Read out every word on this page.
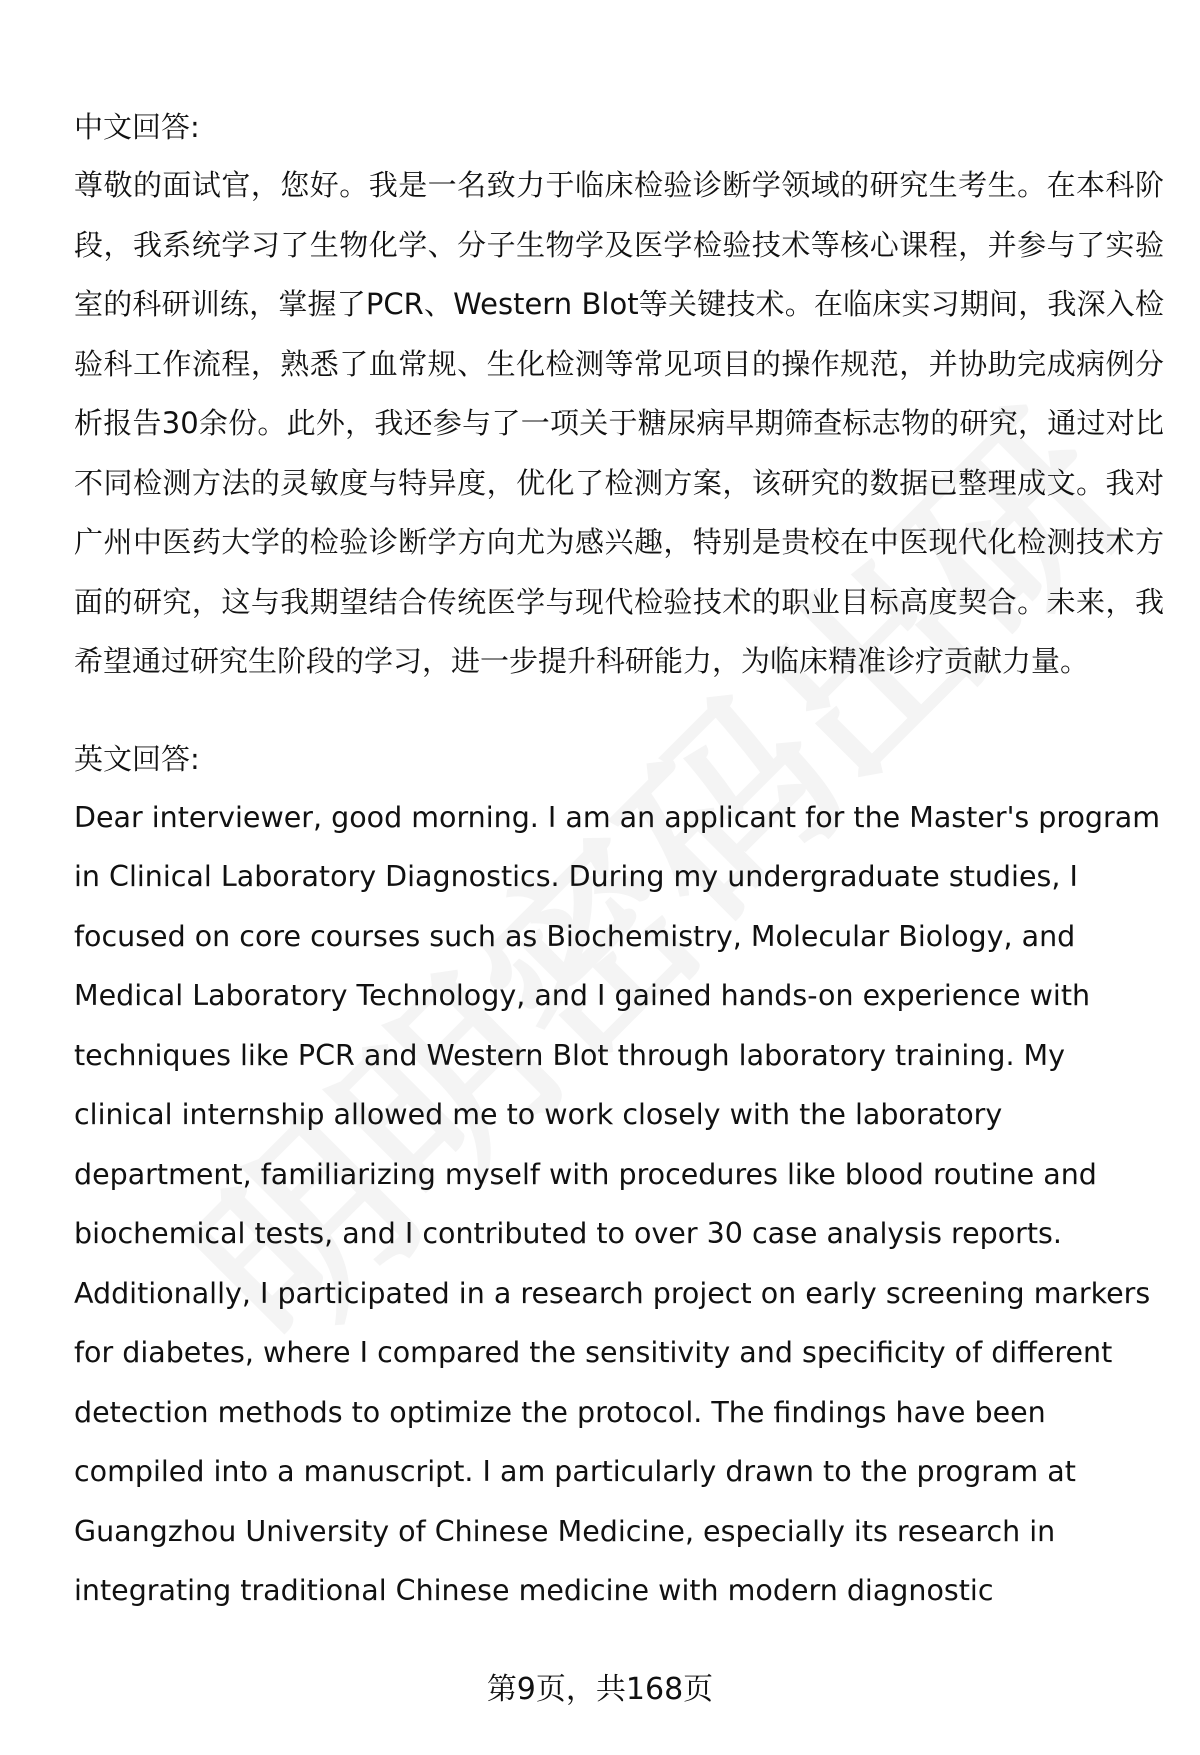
中文回答:

尊敬的面试官，您好。我是一名致力于临床检验诊断学领域的研究生考生。在本科阶段，我系统学习了生物化学、分子生物学及医学检验技术等核心课程，并参与了实验室的科研训练，掌握了PCR、Western Blot等关键技术。在临床实习期间，我深入检验科工作流程，熟悉了血常规、生化检测等常见项目的操作规范，并协助完成病例分析报告30余份。此外，我还参与了一项关于糖尿病早期筛查标志物的研究，通过对比不同检测方法的灵敏度与特异度，优化了检测方案，该研究的数据已整理成文。我对广州中医药大学的检验诊断学方向尤为感兴趣，特别是贵校在中医现代化检测技术方面的研究，这与我期望结合传统医学与现代检验技术的职业目标高度契合。未来，我希望通过研究生阶段的学习，进一步提升科研能力，为临床精准诊疗贡献力量。

英文回答:

Dear interviewer, good morning. I am an applicant for the Master's program in Clinical Laboratory Diagnostics. During my undergraduate studies, I focused on core courses such as Biochemistry, Molecular Biology, and Medical Laboratory Technology, and I gained hands-on experience with techniques like PCR and Western Blot through laboratory training. My clinical internship allowed me to work closely with the laboratory department, familiarizing myself with procedures like blood routine and biochemical tests, and I contributed to over 30 case analysis reports. Additionally, I participated in a research project on early screening markers for diabetes, where I compared the sensitivity and specificity of different detection methods to optimize the protocol. The findings have been compiled into a manuscript. I am particularly drawn to the program at Guangzhou University of Chinese Medicine, especially its research in integrating traditional Chinese medicine with modern diagnostic

第9页，共168页
